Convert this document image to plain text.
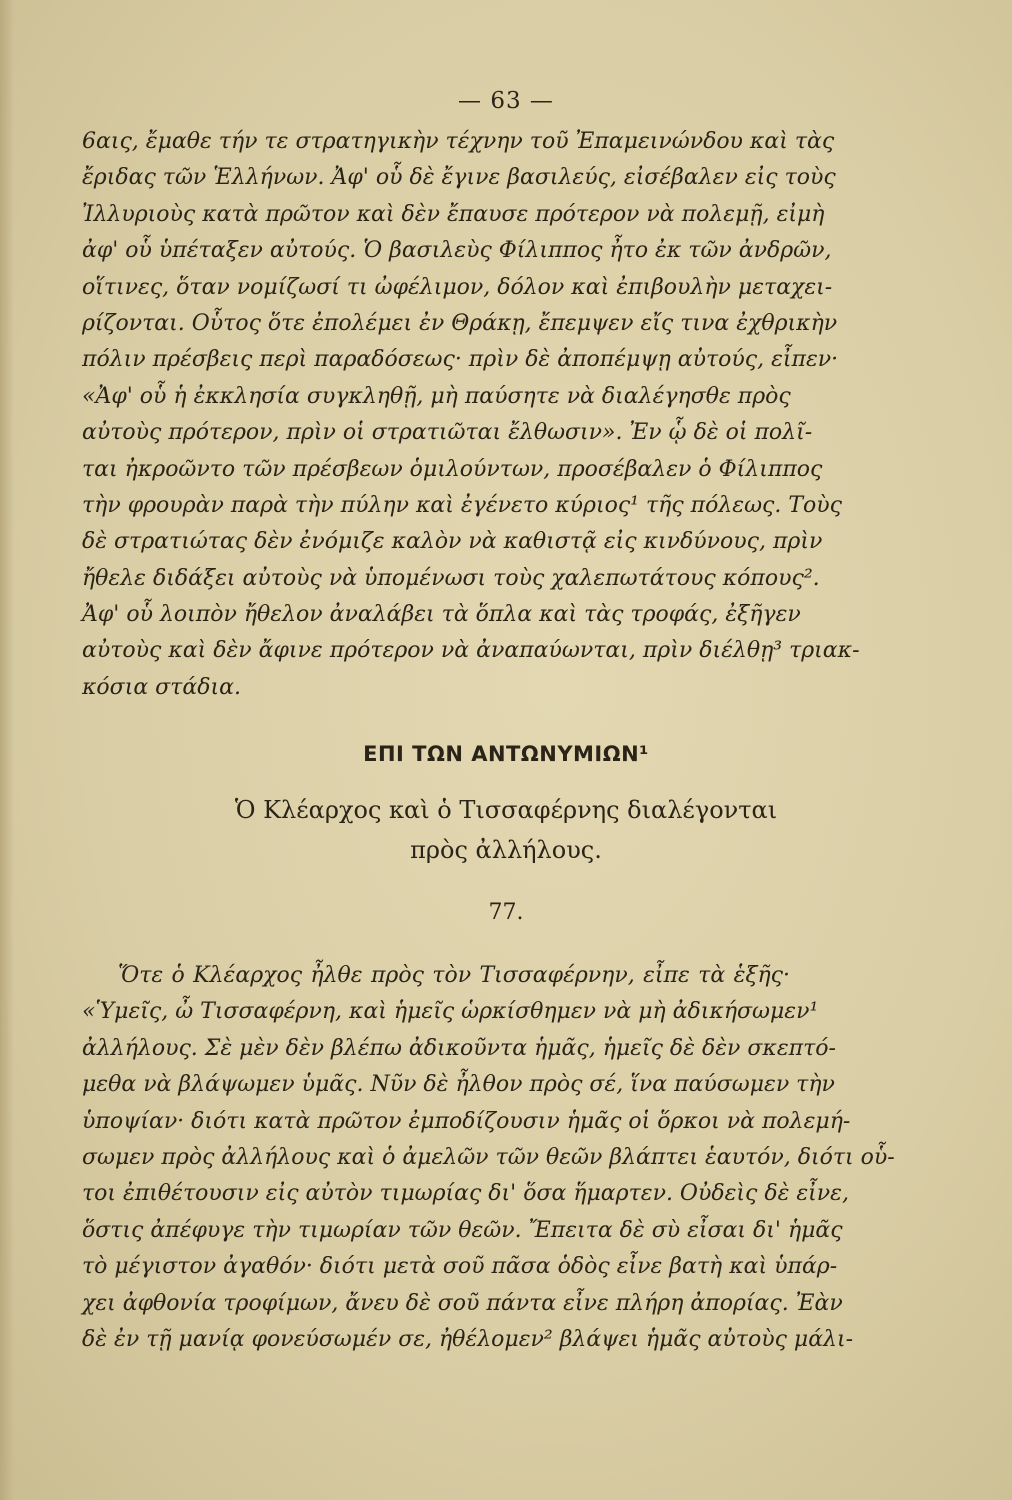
— 63 —
6αις, ἔμαθε τήν τε στρατηγικὴν τέχνην τοῦ Ἐπαμεινώνδου καὶ τὰς
ἔριδας τῶν Ἑλλήνων. Ἀφ' οὗ δὲ ἔγινε βασιλεύς, εἰσέβαλεν εἰς τοὺς
Ἰλλυριοὺς κατὰ πρῶτον καὶ δὲν ἔπαυσε πρότερον νὰ πολεμῇ, εἰμὴ
ἀφ' οὗ ὑπέταξεν αὐτούς. Ὁ βασιλεὺς Φίλιππος ἦτο ἐκ τῶν ἀνδρῶν,
οἵτινες, ὅταν νομίζωσί τι ὠφέλιμον, δόλον καὶ ἐπιβουλὴν μεταχει-
ρίζονται. Οὗτος ὅτε ἐπολέμει ἐν Θράκῃ, ἔπεμψεν εἴς τινα ἐχθρικὴν
πόλιν πρέσβεις περὶ παραδόσεως· πρὶν δὲ ἀποπέμψῃ αὐτούς, εἶπεν·
«Ἀφ' οὗ ἡ ἐκκλησία συγκληθῇ, μὴ παύσητε νὰ διαλέγησθε πρὸς
αὐτοὺς πρότερον, πρὶν οἱ στρατιῶται ἔλθωσιν». Ἐν ᾧ δὲ οἱ πολῖ-
ται ἠκροῶντο τῶν πρέσβεων ὁμιλούντων, προσέβαλεν ὁ Φίλιππος
τὴν φρουρὰν παρὰ τὴν πύλην καὶ ἐγένετο κύριος¹ τῆς πόλεως. Τοὺς
δὲ στρατιώτας δὲν ἐνόμιζε καλὸν νὰ καθιστᾷ εἰς κινδύνους, πρὶν
ἤθελε διδάξει αὐτοὺς νὰ ὑπομένωσι τοὺς χαλεπωτάτους κόπους².
Ἀφ' οὗ λοιπὸν ἤθελον ἀναλάβει τὰ ὅπλα καὶ τὰς τροφάς, ἐξῆγεν
αὐτοὺς καὶ δὲν ἄφινε πρότερον νὰ ἀναπαύωνται, πρὶν διέλθῃ³ τριακ-
κόσια στάδια.
ΕΠΙ ΤΩΝ ΑΝΤΩΝΥΜΙΩΝ¹
Ὁ Κλέαρχος καὶ ὁ Τισσαφέρνης διαλέγονται
πρὸς ἀλλήλους.
77.
Ὅτε ὁ Κλέαρχος ἦλθε πρὸς τὸν Τισσαφέρνην, εἶπε τὰ ἑξῆς·
«Ὑμεῖς, ὦ Τισσαφέρνη, καὶ ἡμεῖς ὡρκίσθημεν νὰ μὴ ἀδικήσωμεν¹
ἀλλήλους. Σὲ μὲν δὲν βλέπω ἀδικοῦντα ἡμᾶς, ἡμεῖς δὲ δὲν σκεπτό-
μεθα νὰ βλάψωμεν ὑμᾶς. Νῦν δὲ ἦλθον πρὸς σέ, ἵνα παύσωμεν τὴν
ὑποψίαν· διότι κατὰ πρῶτον ἐμποδίζουσιν ἡμᾶς οἱ ὅρκοι νὰ πολεμή-
σωμεν πρὸς ἀλλήλους καὶ ὁ ἀμελῶν τῶν θεῶν βλάπτει ἑαυτόν, διότι οὗ-
τοι ἐπιθέτουσιν εἰς αὐτὸν τιμωρίας δι' ὅσα ἥμαρτεν. Οὐδεὶς δὲ εἶνε,
ὅστις ἀπέφυγε τὴν τιμωρίαν τῶν θεῶν. Ἔπειτα δὲ σὺ εἶσαι δι' ἡμᾶς
τὸ μέγιστον ἀγαθόν· διότι μετὰ σοῦ πᾶσα ὁδὸς εἶνε βατὴ καὶ ὑπάρ-
χει ἀφθονία τροφίμων, ἄνευ δὲ σοῦ πάντα εἶνε πλήρη ἀπορίας. Ἐὰν
δὲ ἐν τῇ μανίᾳ φονεύσωμέν σε, ἠθέλομεν² βλάψει ἡμᾶς αὐτοὺς μάλι-
